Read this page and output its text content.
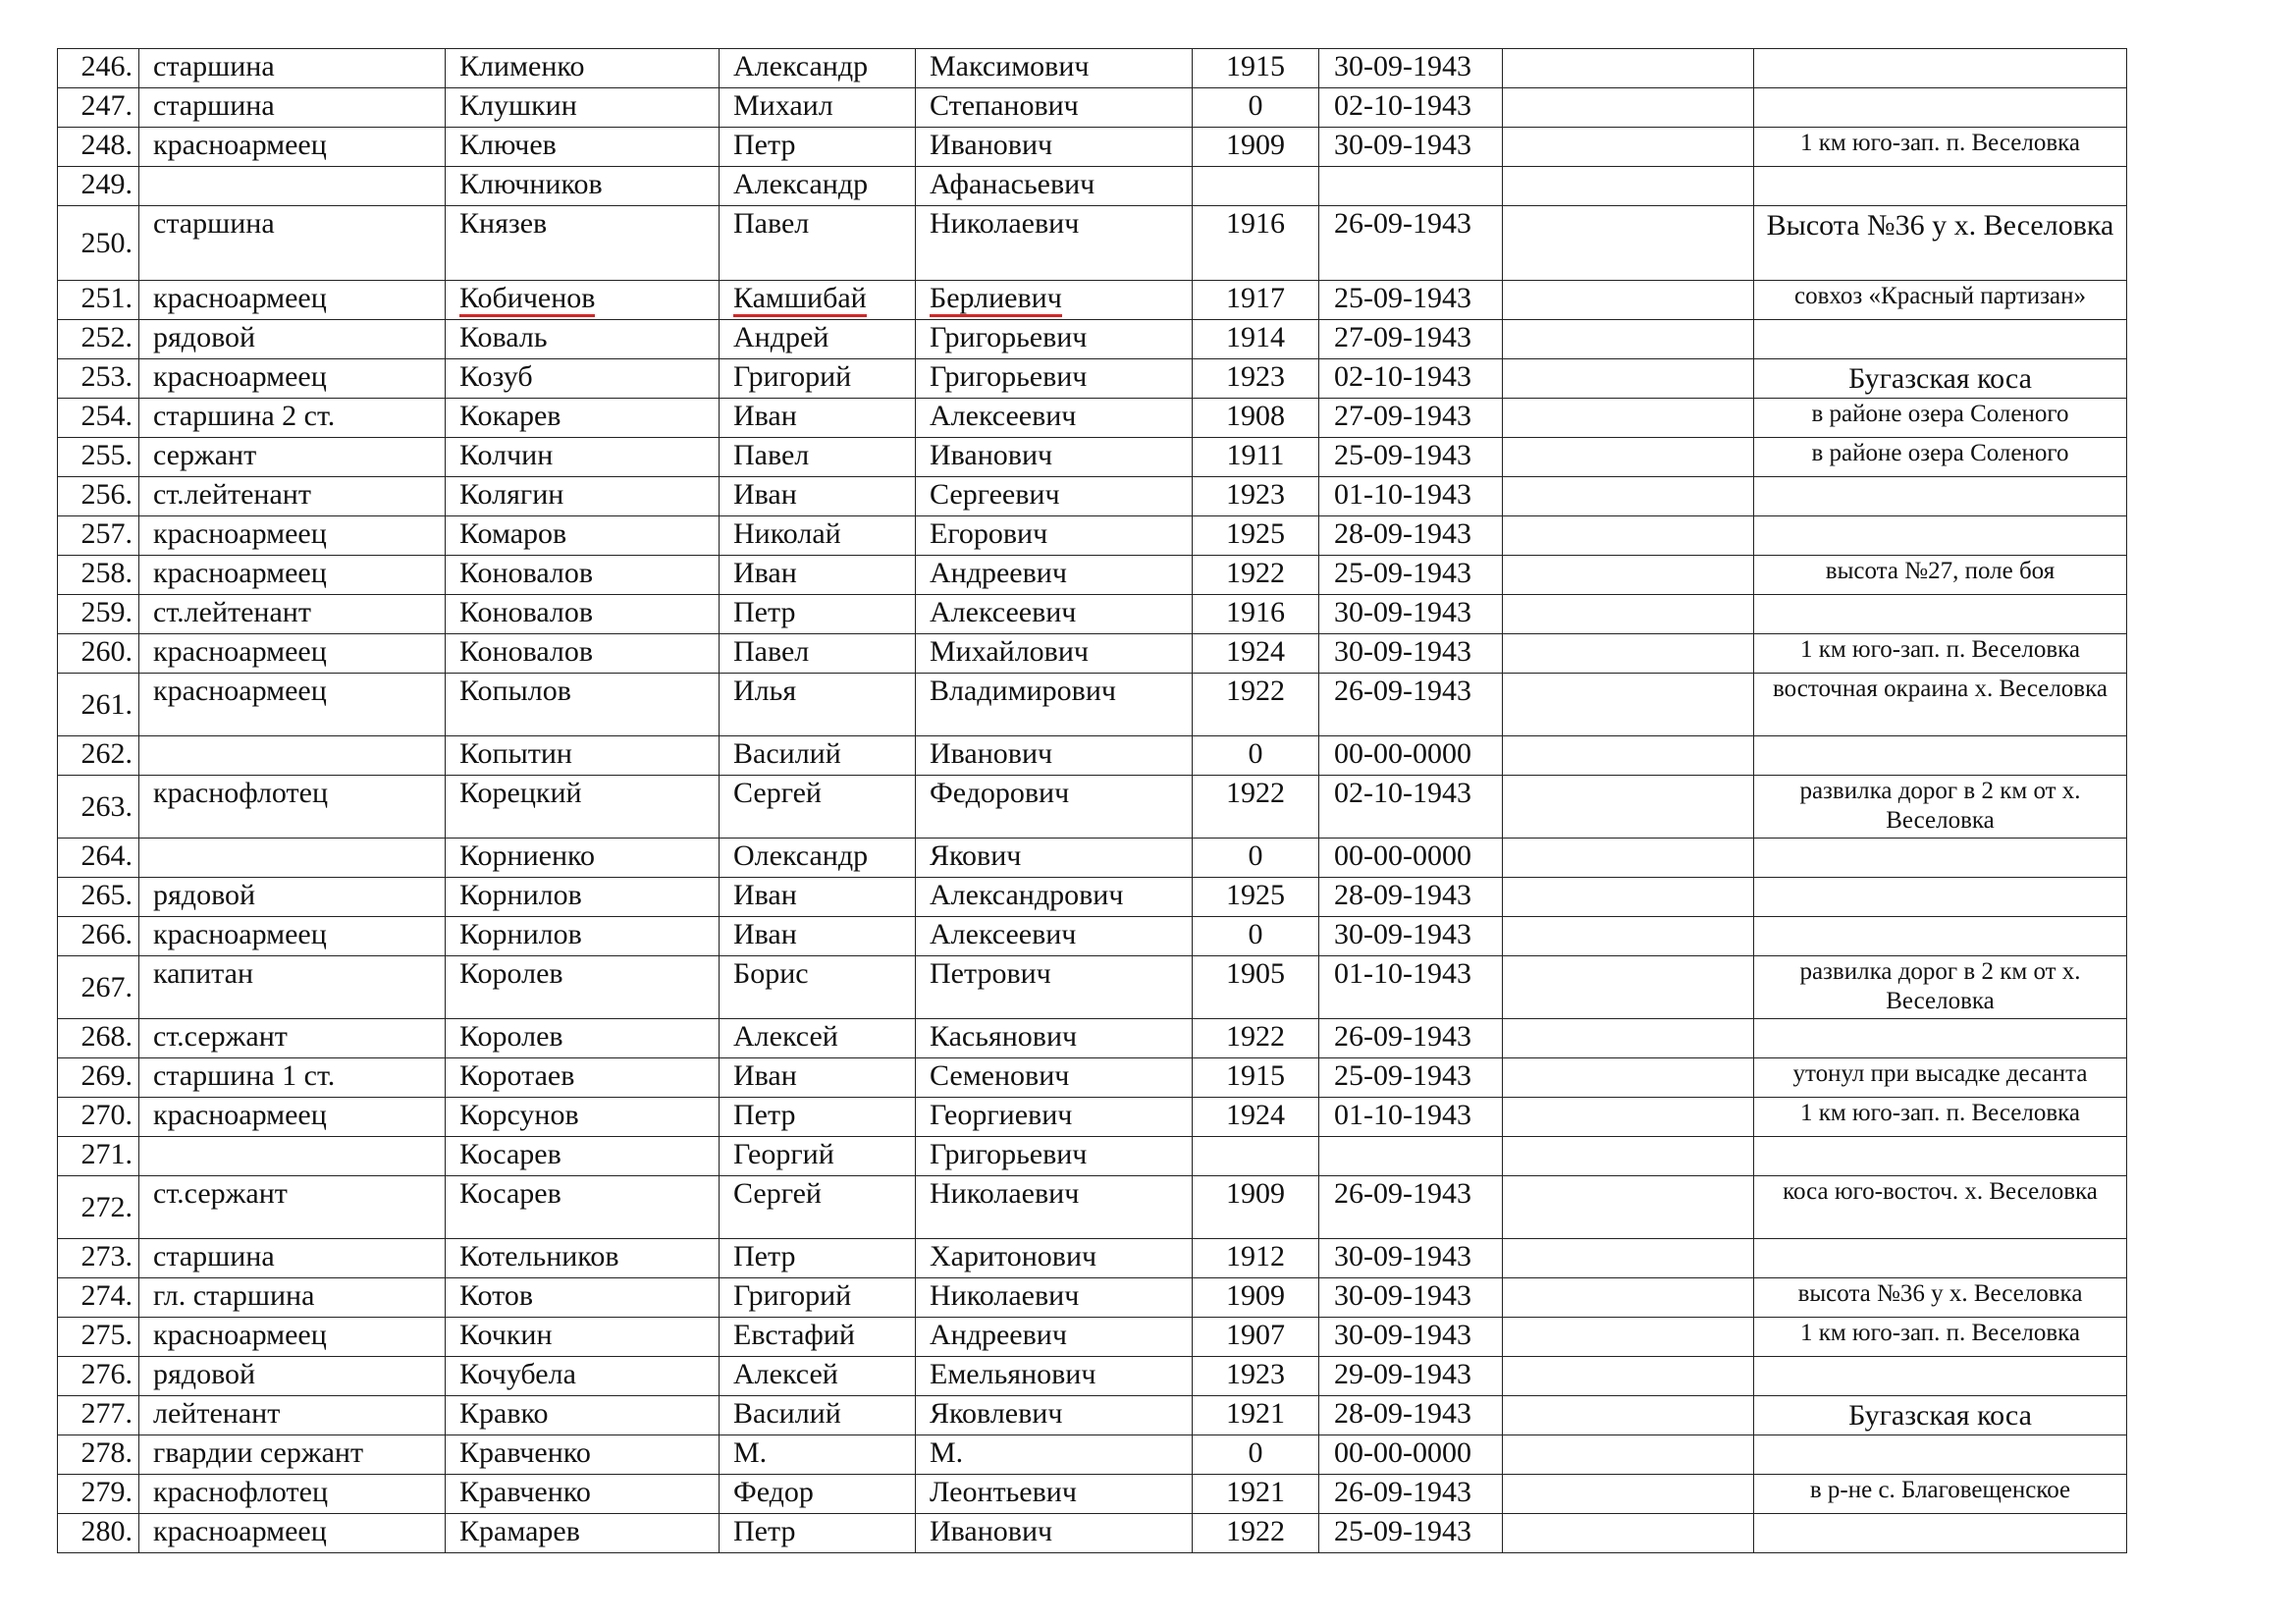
246.	старшина	Клименко	Александр	Максимович	1915	30-09-1943		
247.	старшина	Клушкин	Михаил	Степанович	0	02-10-1943		
248.	красноармеец	Ключев	Петр	Иванович	1909	30-09-1943		1 км юго-зап. п. Веселовка
249.		Ключников	Александр	Афанасьевич				
250.	старшина	Князев	Павел	Николаевич	1916	26-09-1943		Высота №36 у х. Веселовка
251.	красноармеец	Кобиченов	Камшибай	Берлиевич	1917	25-09-1943		совхоз «Красный партизан»
252.	рядовой	Коваль	Андрей	Григорьевич	1914	27-09-1943		
253.	красноармеец	Козуб	Григорий	Григорьевич	1923	02-10-1943		Бугазская коса
254.	старшина 2 ст.	Кокарев	Иван	Алексеевич	1908	27-09-1943		в районе озера Соленого
255.	сержант	Колчин	Павел	Иванович	1911	25-09-1943		в районе озера Соленого
256.	ст.лейтенант	Колягин	Иван	Сергеевич	1923	01-10-1943		
257.	красноармеец	Комаров	Николай	Егорович	1925	28-09-1943		
258.	красноармеец	Коновалов	Иван	Андреевич	1922	25-09-1943		высота №27, поле боя
259.	ст.лейтенант	Коновалов	Петр	Алексеевич	1916	30-09-1943		
260.	красноармеец	Коновалов	Павел	Михайлович	1924	30-09-1943		1 км юго-зап. п. Веселовка
261.	красноармеец	Копылов	Илья	Владимирович	1922	26-09-1943		восточная окраина х. Веселовка
262.		Копытин	Василий	Иванович	0	00-00-0000		
263.	краснофлотец	Корецкий	Сергей	Федорович	1922	02-10-1943		развилка дорог в 2 км от х. Веселовка
264.		Корниенко	Олександр	Якович	0	00-00-0000		
265.	рядовой	Корнилов	Иван	Александрович	1925	28-09-1943		
266.	красноармеец	Корнилов	Иван	Алексеевич	0	30-09-1943		
267.	капитан	Королев	Борис	Петрович	1905	01-10-1943		развилка дорог в 2 км от х. Веселовка
268.	ст.сержант	Королев	Алексей	Касьянович	1922	26-09-1943		
269.	старшина 1 ст.	Коротаев	Иван	Семенович	1915	25-09-1943		утонул при высадке десанта
270.	красноармеец	Корсунов	Петр	Георгиевич	1924	01-10-1943		1 км юго-зап. п. Веселовка
271.		Косарев	Георгий	Григорьевич				
272.	ст.сержант	Косарев	Сергей	Николаевич	1909	26-09-1943		коса юго-восточ. х. Веселовка
273.	старшина	Котельников	Петр	Харитонович	1912	30-09-1943		
274.	гл. старшина	Котов	Григорий	Николаевич	1909	30-09-1943		высота №36 у х. Веселовка
275.	красноармеец	Кочкин	Евстафий	Андреевич	1907	30-09-1943		1 км юго-зап. п. Веселовка
276.	рядовой	Кочубела	Алексей	Емельянович	1923	29-09-1943		
277.	лейтенант	Кравко	Василий	Яковлевич	1921	28-09-1943		Бугазская коса
278.	гвардии сержант	Кравченко	М.	М.	0	00-00-0000		
279.	краснофлотец	Кравченко	Федор	Леонтьевич	1921	26-09-1943		в р-не с. Благовещенское
280.	красноармеец	Крамарев	Петр	Иванович	1922	25-09-1943		
